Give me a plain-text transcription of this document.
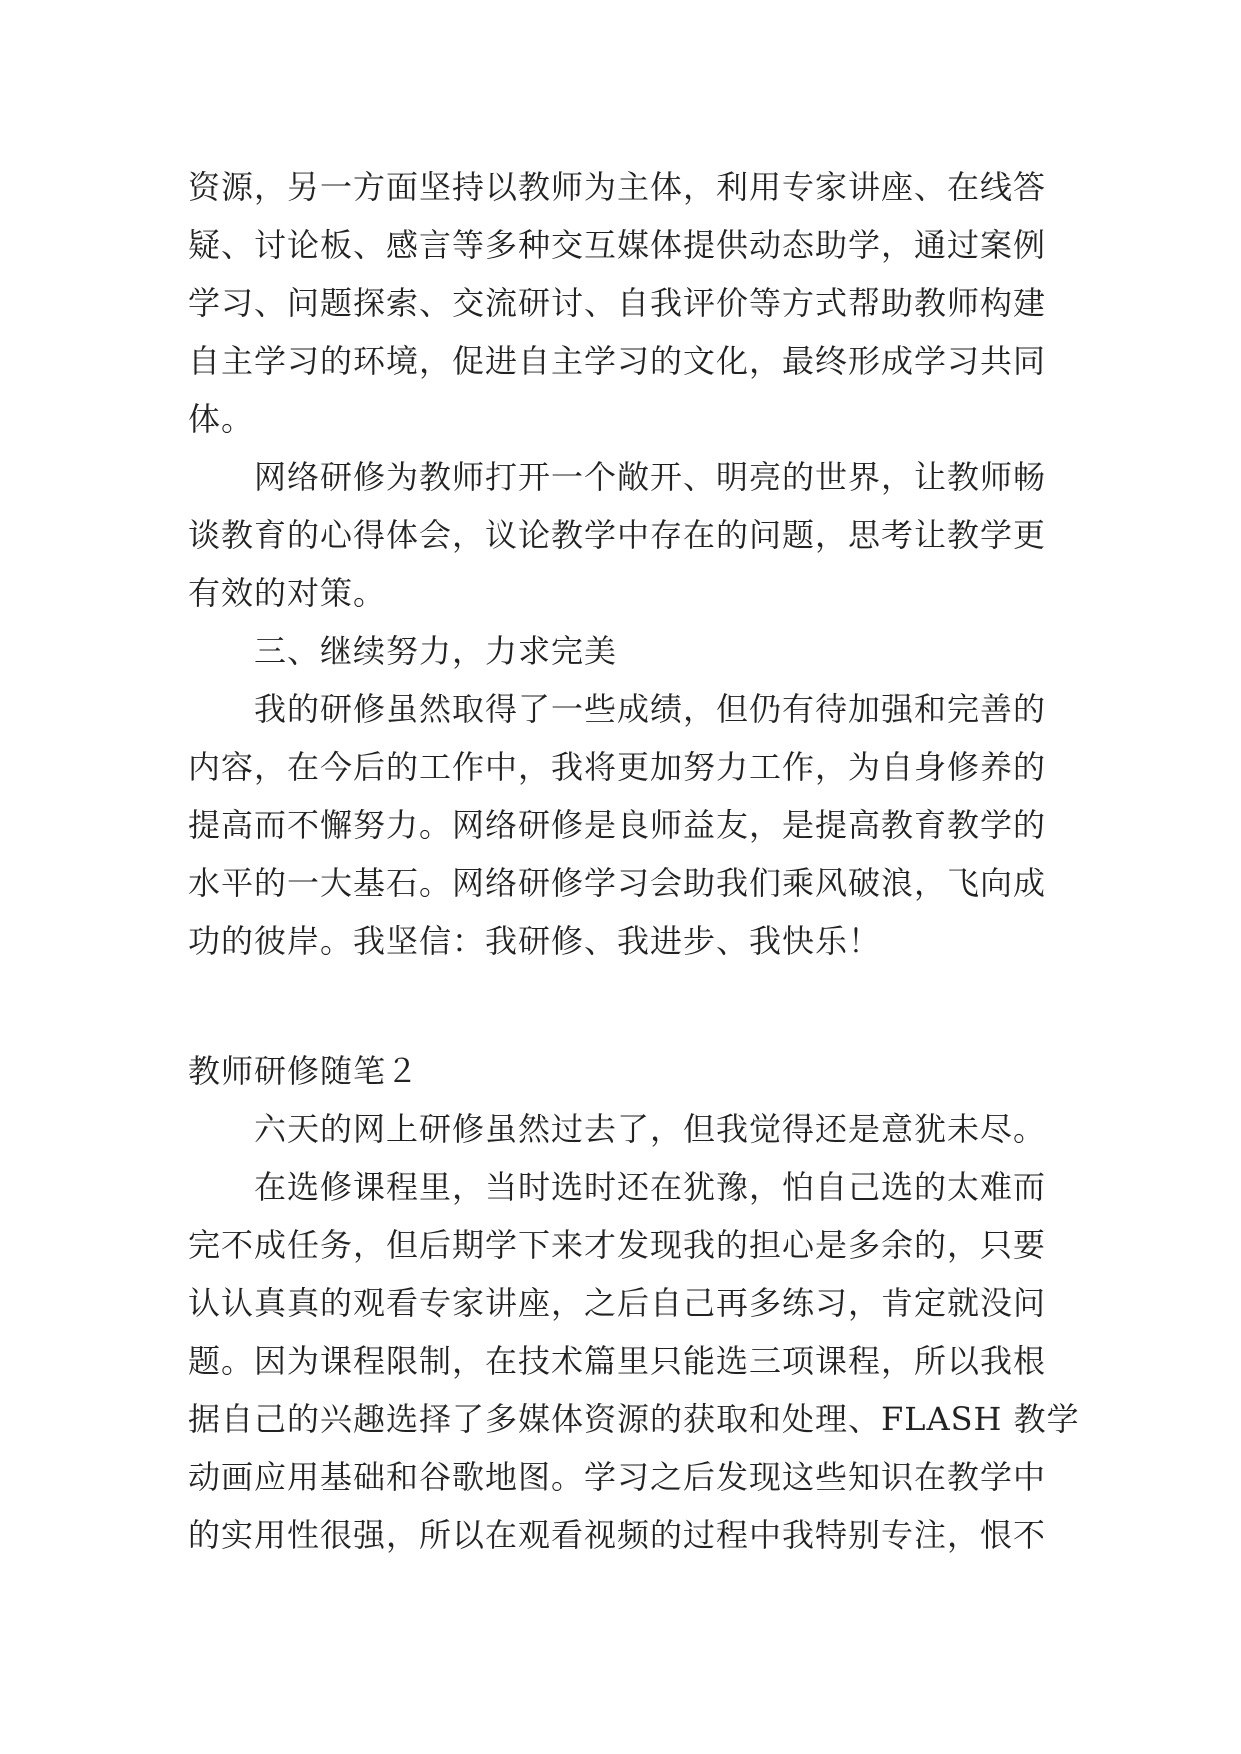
资源，另一方面坚持以教师为主体，利用专家讲座、在线答
疑、讨论板、感言等多种交互媒体提供动态助学，通过案例
学习、问题探索、交流研讨、自我评价等方式帮助教师构建
自主学习的环境，促进自主学习的文化，最终形成学习共同
体。
网络研修为教师打开一个敞开、明亮的世界，让教师畅
谈教育的心得体会，议论教学中存在的问题，思考让教学更
有效的对策。
三、继续努力，力求完美
我的研修虽然取得了一些成绩，但仍有待加强和完善的
内容，在今后的工作中，我将更加努力工作，为自身修养的
提高而不懈努力。网络研修是良师益友，是提高教育教学的
水平的一大基石。网络研修学习会助我们乘风破浪，飞向成
功的彼岸。我坚信：我研修、我进步、我快乐！
教师研修随笔２
六天的网上研修虽然过去了，但我觉得还是意犹未尽。
在选修课程里，当时选时还在犹豫，怕自己选的太难而
完不成任务，但后期学下来才发现我的担心是多余的，只要
认认真真的观看专家讲座，之后自己再多练习，肯定就没问
题。因为课程限制，在技术篇里只能选三项课程，所以我根
据自己的兴趣选择了多媒体资源的获取和处理、FLASH 教学
动画应用基础和谷歌地图。学习之后发现这些知识在教学中
的实用性很强，所以在观看视频的过程中我特别专注，恨不
